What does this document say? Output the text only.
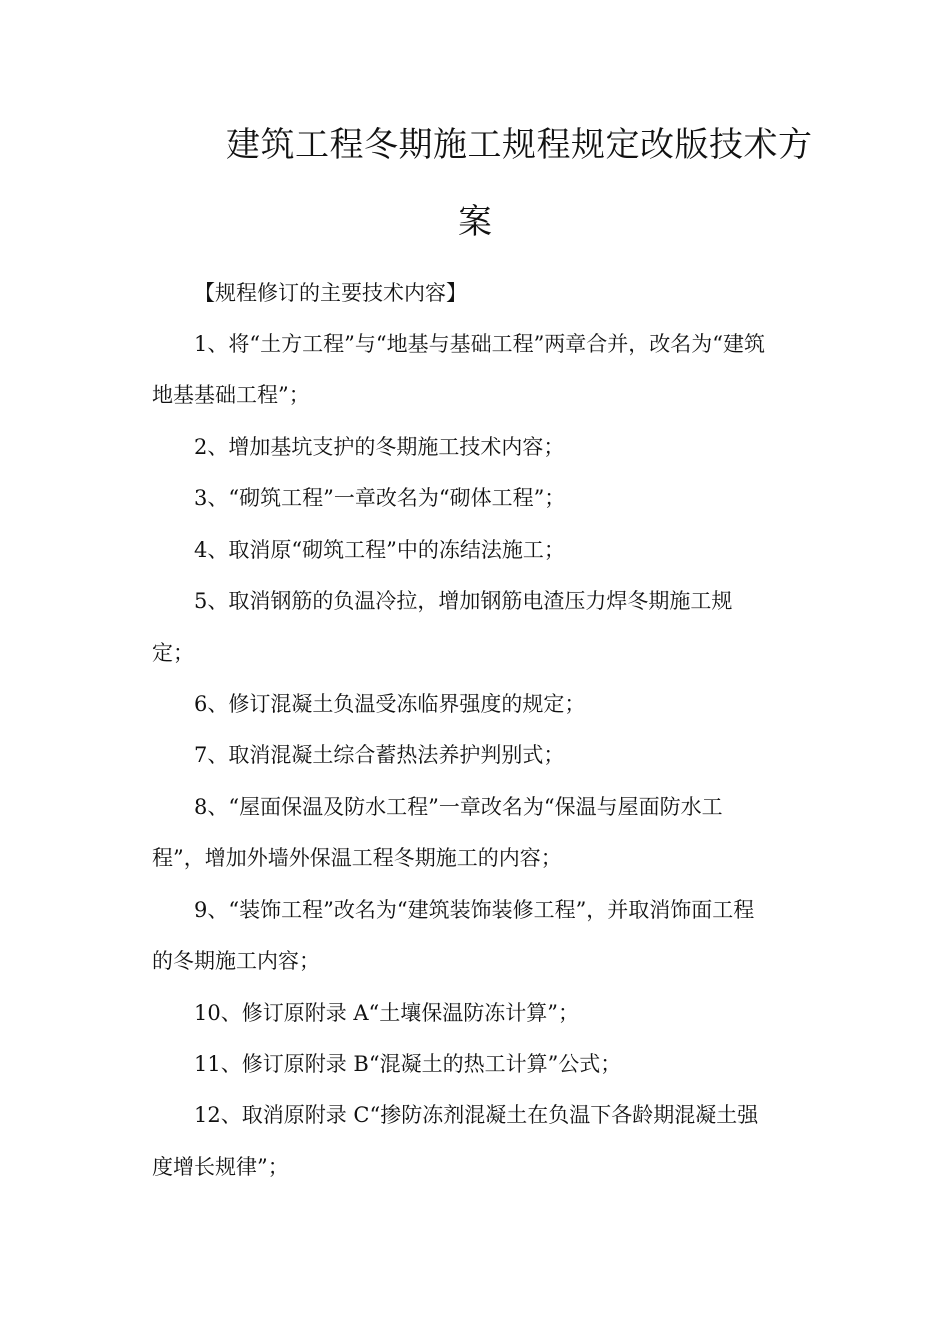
建筑工程冬期施工规程规定改版技术方
案
【规程修订的主要技术内容】
1、将“土方工程”与“地基与基础工程”两章合并，改名为“建筑
地基基础工程”；
2、增加基坑支护的冬期施工技术内容；
3、“砌筑工程”一章改名为“砌体工程”；
4、取消原“砌筑工程”中的冻结法施工；
5、取消钢筋的负温冷拉，增加钢筋电渣压力焊冬期施工规
定；
6、修订混凝土负温受冻临界强度的规定；
7、取消混凝土综合蓄热法养护判别式；
8、“屋面保温及防水工程”一章改名为“保温与屋面防水工
程”，增加外墙外保温工程冬期施工的内容；
9、“装饰工程”改名为“建筑装饰装修工程”，并取消饰面工程
的冬期施工内容；
10、修订原附录 A“土壤保温防冻计算”；
11、修订原附录 B“混凝土的热工计算”公式；
12、取消原附录 C“掺防冻剂混凝土在负温下各龄期混凝土强
度增长规律”；
